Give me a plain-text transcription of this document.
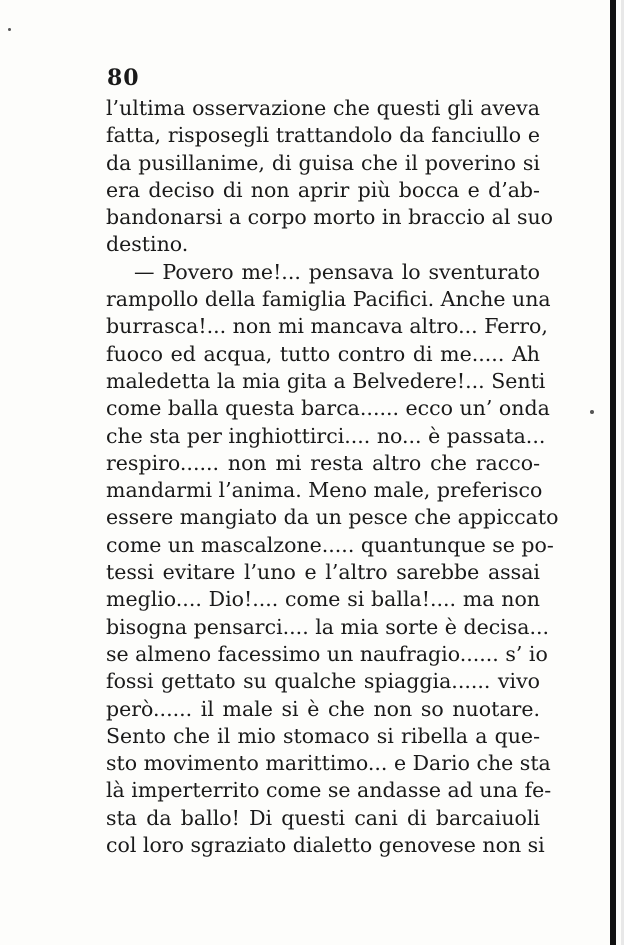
80
l’ultima osservazione che questi gli aveva
fatta, risposegli trattandolo da fanciullo e
da pusillanime, di guisa che il poverino si
era deciso di non aprir più bocca e d’ab-
bandonarsi a corpo morto in braccio al suo
destino.
— Povero me!... pensava lo sventurato
rampollo della famiglia Pacifici. Anche una
burrasca!... non mi mancava altro... Ferro,
fuoco ed acqua, tutto contro di me..... Ah
maledetta la mia gita a Belvedere!... Senti
come balla questa barca...... ecco un’ onda
che sta per inghiottirci.... no... è passata...
respiro...... non mi resta altro che racco-
mandarmi l’anima. Meno male, preferisco
essere mangiato da un pesce che appiccato
come un mascalzone..... quantunque se po-
tessi evitare l’uno e l’altro sarebbe assai
meglio.... Dio!.... come si balla!.... ma non
bisogna pensarci.... la mia sorte è decisa...
se almeno facessimo un naufragio...... s’ io
fossi gettato su qualche spiaggia...... vivo
però...... il male si è che non so nuotare.
Sento che il mio stomaco si ribella a que-
sto movimento marittimo... e Dario che sta
là imperterrito come se andasse ad una fe-
sta da ballo! Di questi cani di barcaiuoli
col loro sgraziato dialetto genovese non si
